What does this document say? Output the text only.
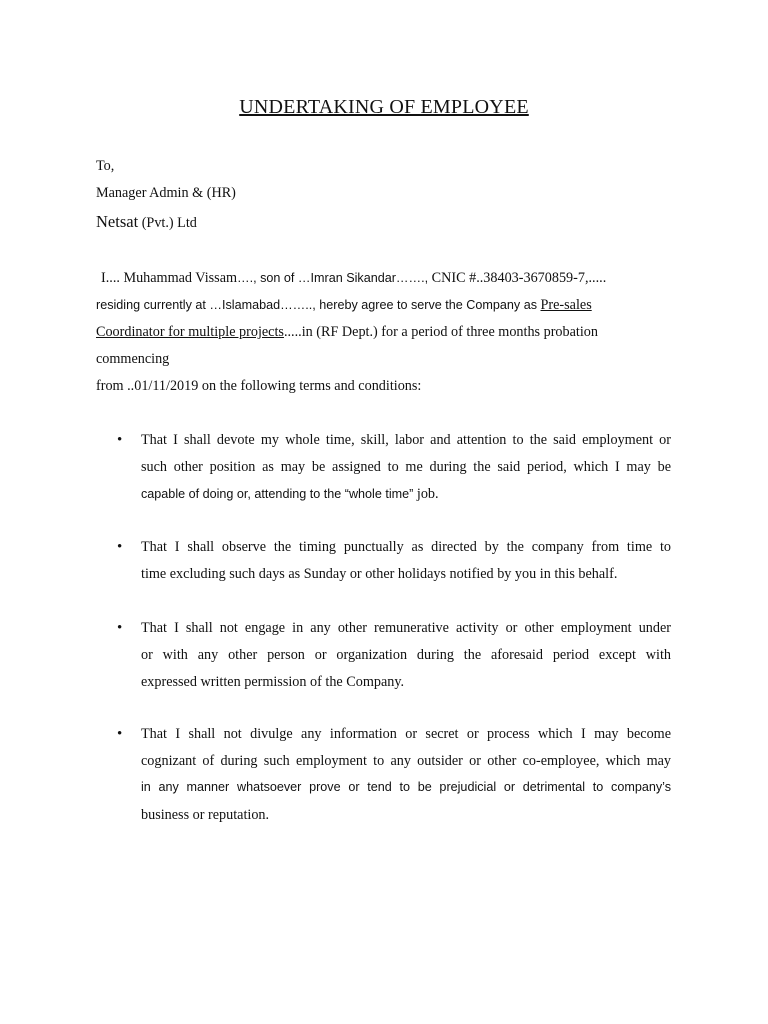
UNDERTAKING OF EMPLOYEE
To,
Manager Admin & (HR)
Netsat (Pvt.) Ltd
I.... Muhammad Vissam…., son of …Imran Sikandar……., CNIC #..38403-3670859-7,.....
residing currently at …Islamabad…….., hereby agree to serve the Company as Pre-sales
Coordinator for multiple projects.....in (RF Dept.) for a period of three months probation
commencing
from ..01/11/2019 on the following terms and conditions:
• That I shall devote my whole time, skill, labor and attention to the said employment or
such other position as may be assigned to me during the said period, which I may be
capable of doing or, attending to the “whole time” job.
• That I shall observe the timing punctually as directed by the company from time to
time excluding such days as Sunday or other holidays notified by you in this behalf.
• That I shall not engage in any other remunerative activity or other employment under
or with any other person or organization during the aforesaid period except with
expressed written permission of the Company.
• That I shall not divulge any information or secret or process which I may become
cognizant of during such employment to any outsider or other co-employee, which may
in any manner whatsoever prove or tend to be prejudicial or detrimental to company’s
business or reputation.
